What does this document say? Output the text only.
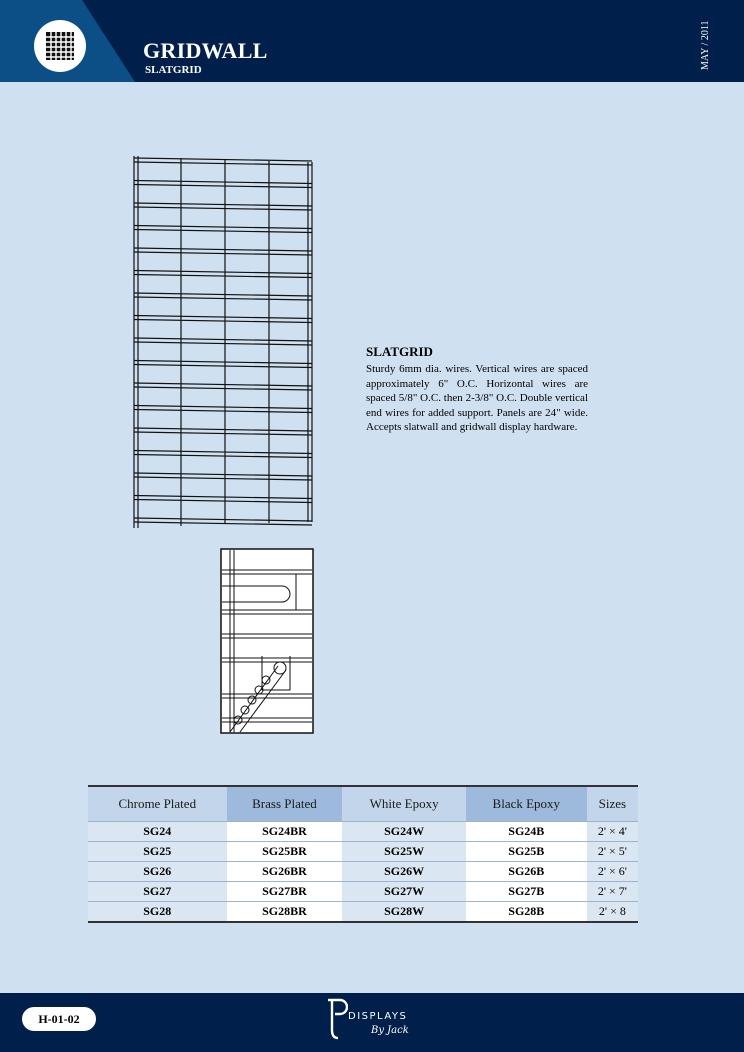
GRIDWALL
SLATGRID	MAY / 2011
SLATGRID

Sturdy 6mm dia. wires. Vertical wires are spaced approximately 6" O.C. Horizontal wires are spaced 5/8" O.C. then 2-3/8" O.C. Double vertical end wires for added support. Panels are 24" wide. Accepts slatwall and gridwall display hardware.

Chrome Plated	Brass Plated	White Epoxy	Black Epoxy	Sizes
SG24	SG24BR	SG24W	SG24B	2' × 4'
SG25	SG25BR	SG25W	SG25B	2' × 5'
SG26	SG26BR	SG26W	SG26B	2' × 6'
SG27	SG27BR	SG27W	SG27B	2' × 7'
SG28	SG28BR	SG28W	SG28B	2' × 8
H-01-02	DISPLAYS
By Jack
